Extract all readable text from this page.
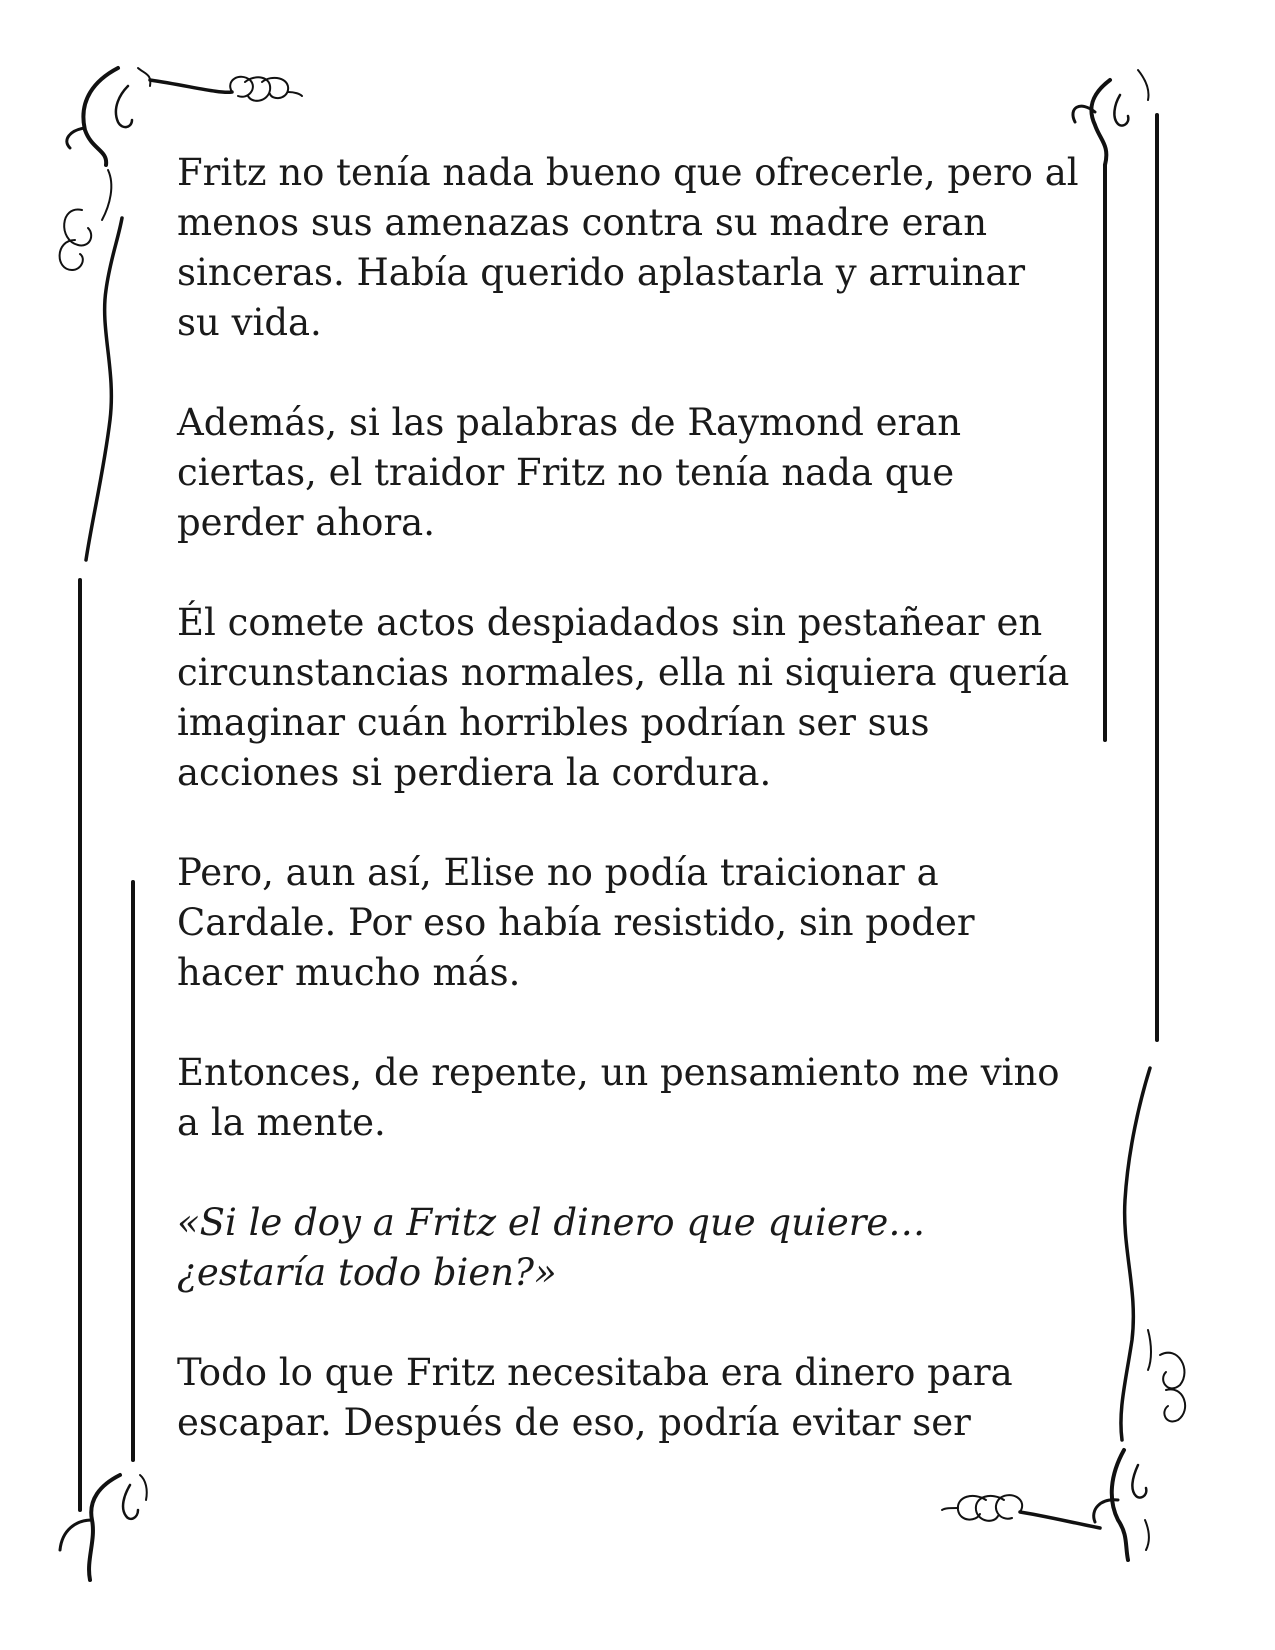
Fritz no tenía nada bueno que ofrecerle, pero al
menos sus amenazas contra su madre eran
sinceras. Había querido aplastarla y arruinar
su vida.
Además, si las palabras de Raymond eran
ciertas, el traidor Fritz no tenía nada que
perder ahora.
Él comete actos despiadados sin pestañear en
circunstancias normales, ella ni siquiera quería
imaginar cuán horribles podrían ser sus
acciones si perdiera la cordura.
Pero, aun así, Elise no podía traicionar a
Cardale. Por eso había resistido, sin poder
hacer mucho más.
Entonces, de repente, un pensamiento me vino
a la mente.
«Si le doy a Fritz el dinero que quiere…
¿estaría todo bien?»
Todo lo que Fritz necesitaba era dinero para
escapar. Después de eso, podría evitar ser
